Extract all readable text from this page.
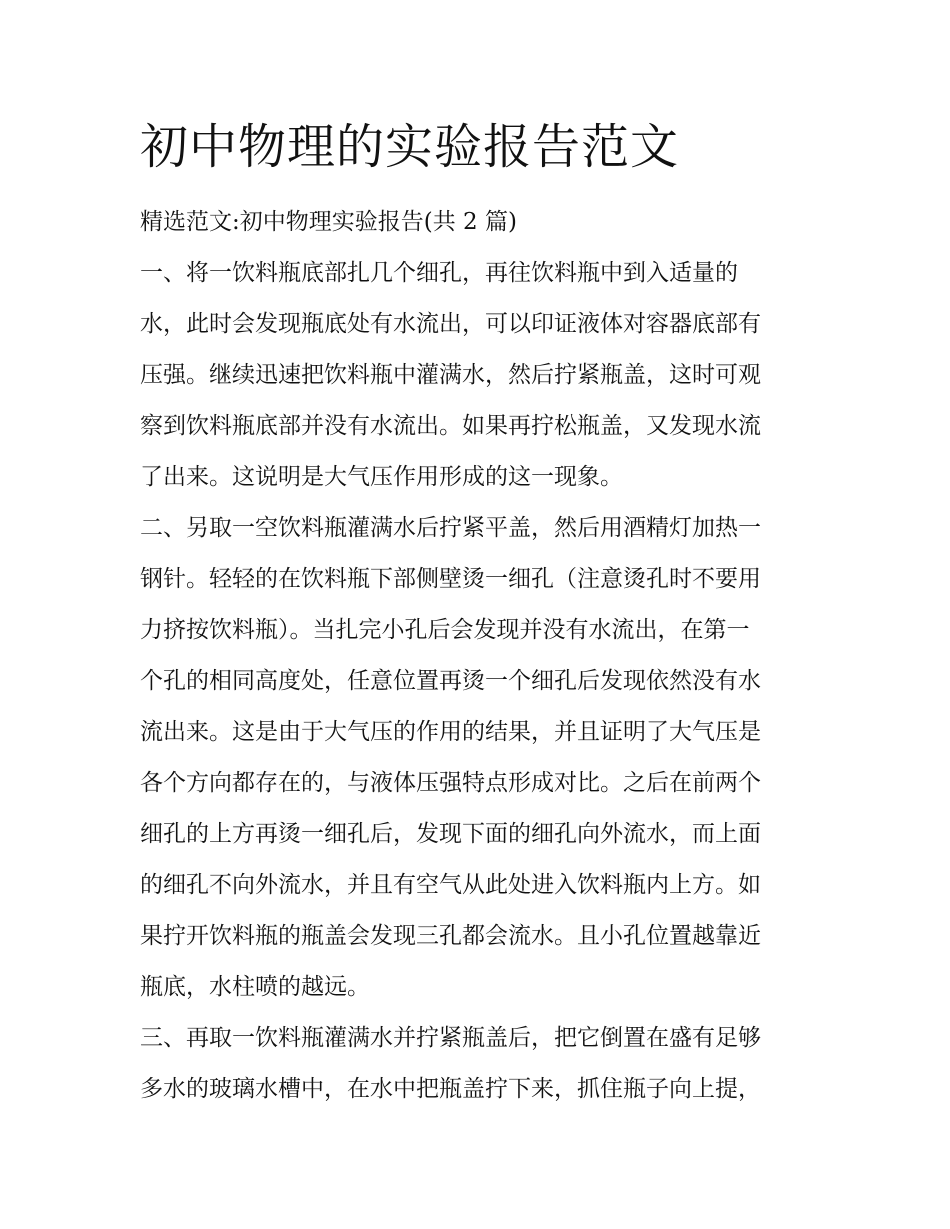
初中物理的实验报告范文

精选范文:初中物理实验报告(共 2 篇)

一、将一饮料瓶底部扎几个细孔，再往饮料瓶中到入适量的

水，此时会发现瓶底处有水流出，可以印证液体对容器底部有

压强。继续迅速把饮料瓶中灌满水，然后拧紧瓶盖，这时可观

察到饮料瓶底部并没有水流出。如果再拧松瓶盖，又发现水流

了出来。这说明是大气压作用形成的这一现象。

二、另取一空饮料瓶灌满水后拧紧平盖，然后用酒精灯加热一

钢针。轻轻的在饮料瓶下部侧壁烫一细孔（注意烫孔时不要用

力挤按饮料瓶）。当扎完小孔后会发现并没有水流出，在第一

个孔的相同高度处，任意位置再烫一个细孔后发现依然没有水

流出来。这是由于大气压的作用的结果，并且证明了大气压是

各个方向都存在的，与液体压强特点形成对比。之后在前两个

细孔的上方再烫一细孔后，发现下面的细孔向外流水，而上面

的细孔不向外流水，并且有空气从此处进入饮料瓶内上方。如

果拧开饮料瓶的瓶盖会发现三孔都会流水。且小孔位置越靠近

瓶底，水柱喷的越远。

三、再取一饮料瓶灌满水并拧紧瓶盖后，把它倒置在盛有足够

多水的玻璃水槽中，在水中把瓶盖拧下来，抓住瓶子向上提，
